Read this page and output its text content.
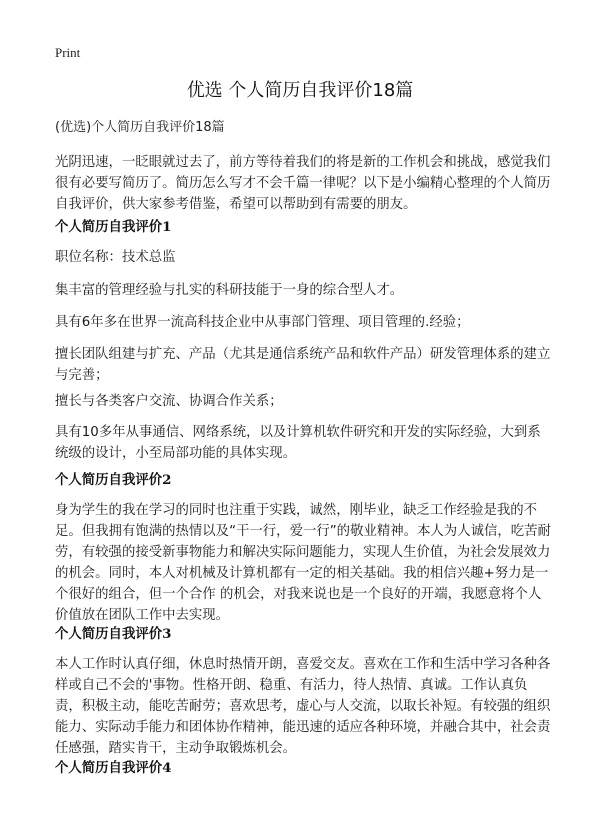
Print
优选 个人简历自我评价18篇

(优选)个人简历自我评价18篇

光阴迅速，一眨眼就过去了，前方等待着我们的将是新的工作机会和挑战，感觉我们很有必要写简历了。简历怎么写才不会千篇一律呢？以下是小编精心整理的个人简历自我评价，供大家参考借鉴，希望可以帮助到有需要的朋友。

个人简历自我评价1

职位名称：技术总监

集丰富的管理经验与扎实的科研技能于一身的综合型人才。

具有6年多在世界一流高科技企业中从事部门管理、项目管理的.经验；

擅长团队组建与扩充、产品（尤其是通信系统产品和软件产品）研发管理体系的建立与完善；

擅长与各类客户交流、协调合作关系；

具有10多年从事通信、网络系统，以及计算机软件研究和开发的实际经验，大到系统级的设计，小至局部功能的具体实现。

个人简历自我评价2

身为学生的我在学习的同时也注重于实践，诚然，刚毕业，缺乏工作经验是我的不足。但我拥有饱满的热情以及“干一行，爱一行”的敬业精神。本人为人诚信，吃苦耐劳，有较强的接受新事物能力和解决实际问题能力，实现人生价值，为社会发展效力的机会。同时，本人对机械及计算机都有一定的相关基础。我的相信兴趣+努力是一个很好的组合，但一个合作 的机会，对我来说也是一个良好的开端，我愿意将个人价值放在团队工作中去实现。

个人简历自我评价3

本人工作时认真仔细，休息时热情开朗，喜爱交友。喜欢在工作和生活中学习各种各样或自己不会的'事物。性格开朗、稳重、有活力，待人热情、真诚。工作认真负责，积极主动，能吃苦耐劳；喜欢思考，虚心与人交流，以取长补短。有较强的组织能力、实际动手能力和团体协作精神，能迅速的适应各种环境，并融合其中，社会责任感强，踏实肯干，主动争取锻炼机会。

个人简历自我评价4
